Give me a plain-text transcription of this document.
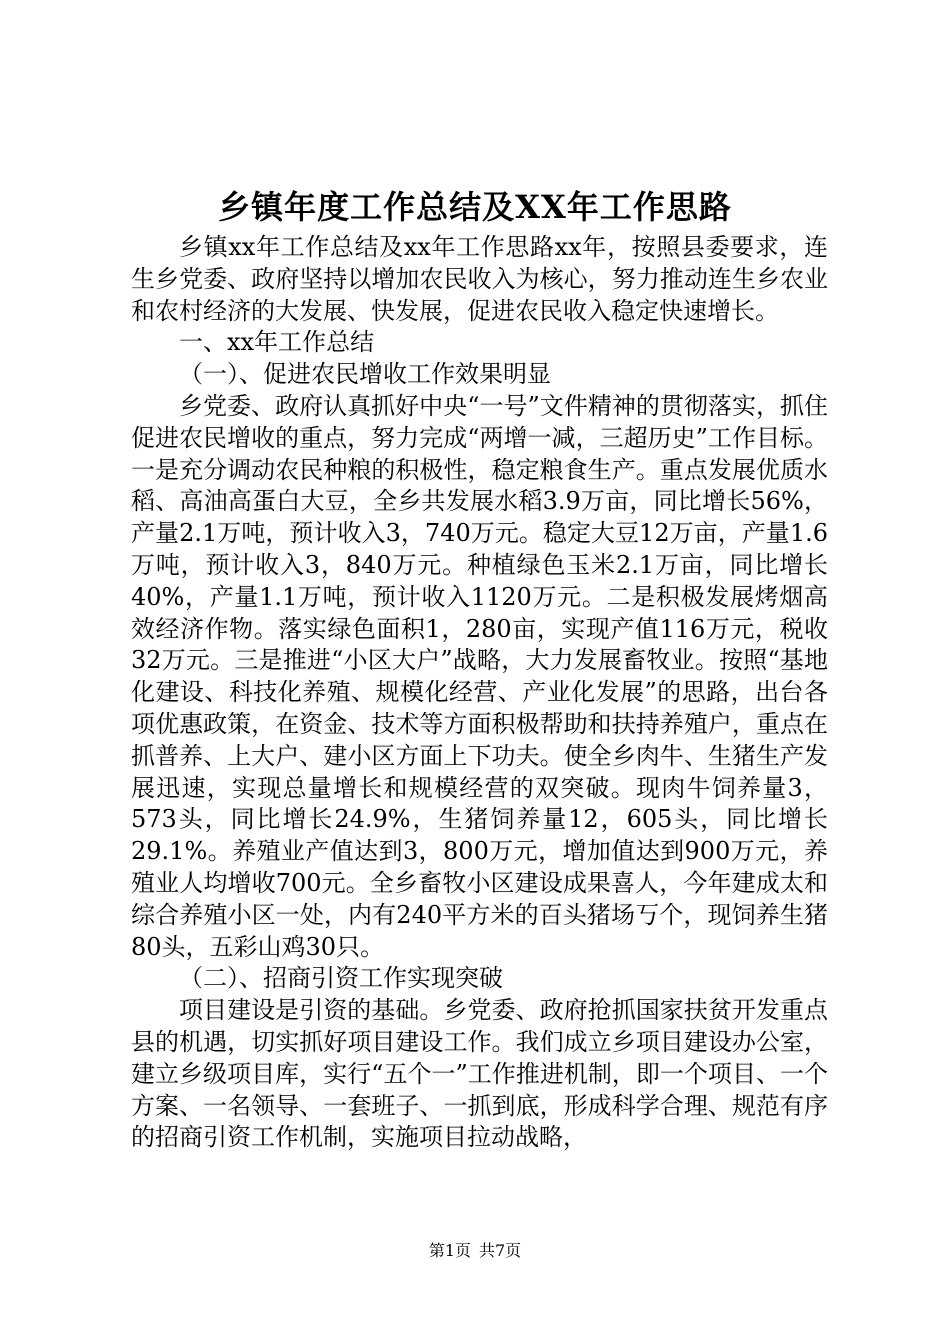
乡镇年度工作总结及XX年工作思路

乡镇xx年工作总结及xx年工作思路xx年，按照县委要求，连生乡党委、政府坚持以增加农民收入为核心，努力推动连生乡农业和农村经济的大发展、快发展，促进农民收入稳定快速增长。

一、xx年工作总结

（一）、促进农民增收工作效果明显

乡党委、政府认真抓好中央“一号”文件精神的贯彻落实，抓住促进农民增收的重点，努力完成“两增一减，三超历史”工作目标。一是充分调动农民种粮的积极性，稳定粮食生产。重点发展优质水稻、高油高蛋白大豆，全乡共发展水稻3.9万亩，同比增长56%，产量2.1万吨，预计收入3，740万元。稳定大豆12万亩，产量1.6万吨，预计收入3，840万元。种植绿色玉米2.1万亩，同比增长40%，产量1.1万吨，预计收入1120万元。二是积极发展烤烟高效经济作物。落实绿色面积1，280亩，实现产值116万元，税收32万元。三是推进“小区大户”战略，大力发展畜牧业。按照“基地化建设、科技化养殖、规模化经营、产业化发展”的思路，出台各项优惠政策，在资金、技术等方面积极帮助和扶持养殖户，重点在抓普养、上大户、建小区方面上下功夫。使全乡肉牛、生猪生产发展迅速，实现总量增长和规模经营的双突破。现肉牛饲养量3，573头，同比增长24.9%，生猪饲养量12，605头，同比增长29.1%。养殖业产值达到3，800万元，增加值达到900万元，养殖业人均增收700元。全乡畜牧小区建设成果喜人，今年建成太和综合养殖小区一处，内有240平方米的百头猪场丂个，现饲养生猪80头，五彩山鸡30只。

（二）、招商引资工作实现突破

项目建设是引资的基础。乡党委、政府抢抓国家扶贫开发重点县的机遇，切实抓好项目建设工作。我们成立乡项目建设办公室，建立乡级项目库，实行“五个一”工作推进机制，即一个项目、一个方案、一名领导、一套班子、一抓到底，形成科学合理、规范有序的招商引资工作机制，实施项目拉动战略，

第1页 共7页
